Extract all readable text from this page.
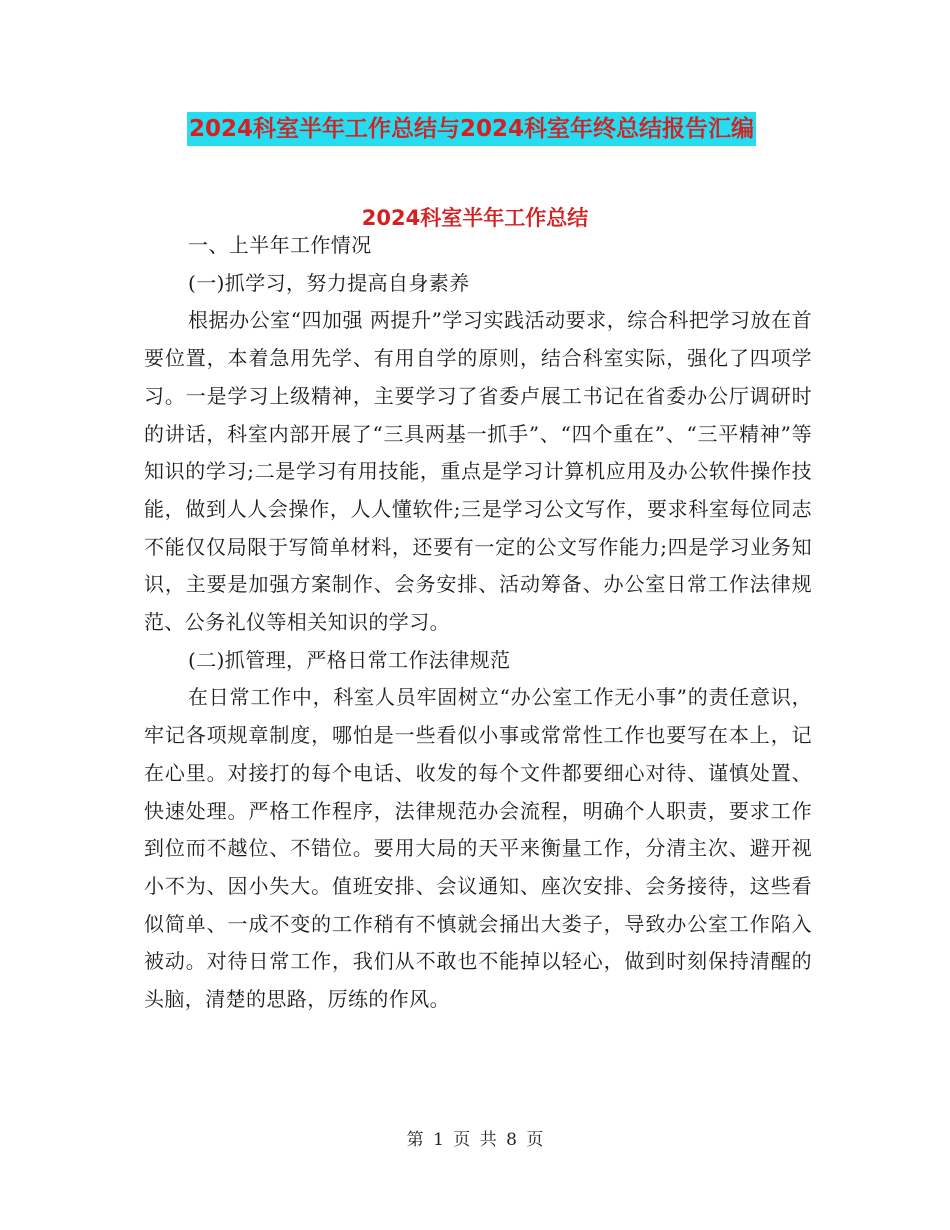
2024科室半年工作总结与2024科室年终总结报告汇编
2024科室半年工作总结

一、上半年工作情况

(一)抓学习，努力提高自身素养

根据办公室“四加强 两提升”学习实践活动要求，综合科把学习放在首要位置，本着急用先学、有用自学的原则，结合科室实际，强化了四项学习。一是学习上级精神，主要学习了省委卢展工书记在省委办公厅调研时的讲话，科室内部开展了“三具两基一抓手”、“四个重在”、“三平精神”等知识的学习;二是学习有用技能，重点是学习计算机应用及办公软件操作技能，做到人人会操作，人人懂软件;三是学习公文写作，要求科室每位同志不能仅仅局限于写简单材料，还要有一定的公文写作能力;四是学习业务知识，主要是加强方案制作、会务安排、活动筹备、办公室日常工作法律规范、公务礼仪等相关知识的学习。

(二)抓管理，严格日常工作法律规范

在日常工作中，科室人员牢固树立“办公室工作无小事”的责任意识，牢记各项规章制度，哪怕是一些看似小事或常常性工作也要写在本上，记在心里。对接打的每个电话、收发的每个文件都要细心对待、谨慎处置、快速处理。严格工作程序，法律规范办会流程，明确个人职责，要求工作到位而不越位、不错位。要用大局的天平来衡量工作，分清主次、避开视小不为、因小失大。值班安排、会议通知、座次安排、会务接待，这些看似简单、一成不变的工作稍有不慎就会捅出大娄子，导致办公室工作陷入被动。对待日常工作，我们从不敢也不能掉以轻心，做到时刻保持清醒的头脑，清楚的思路，厉练的作风。

第 1 页 共 8 页
